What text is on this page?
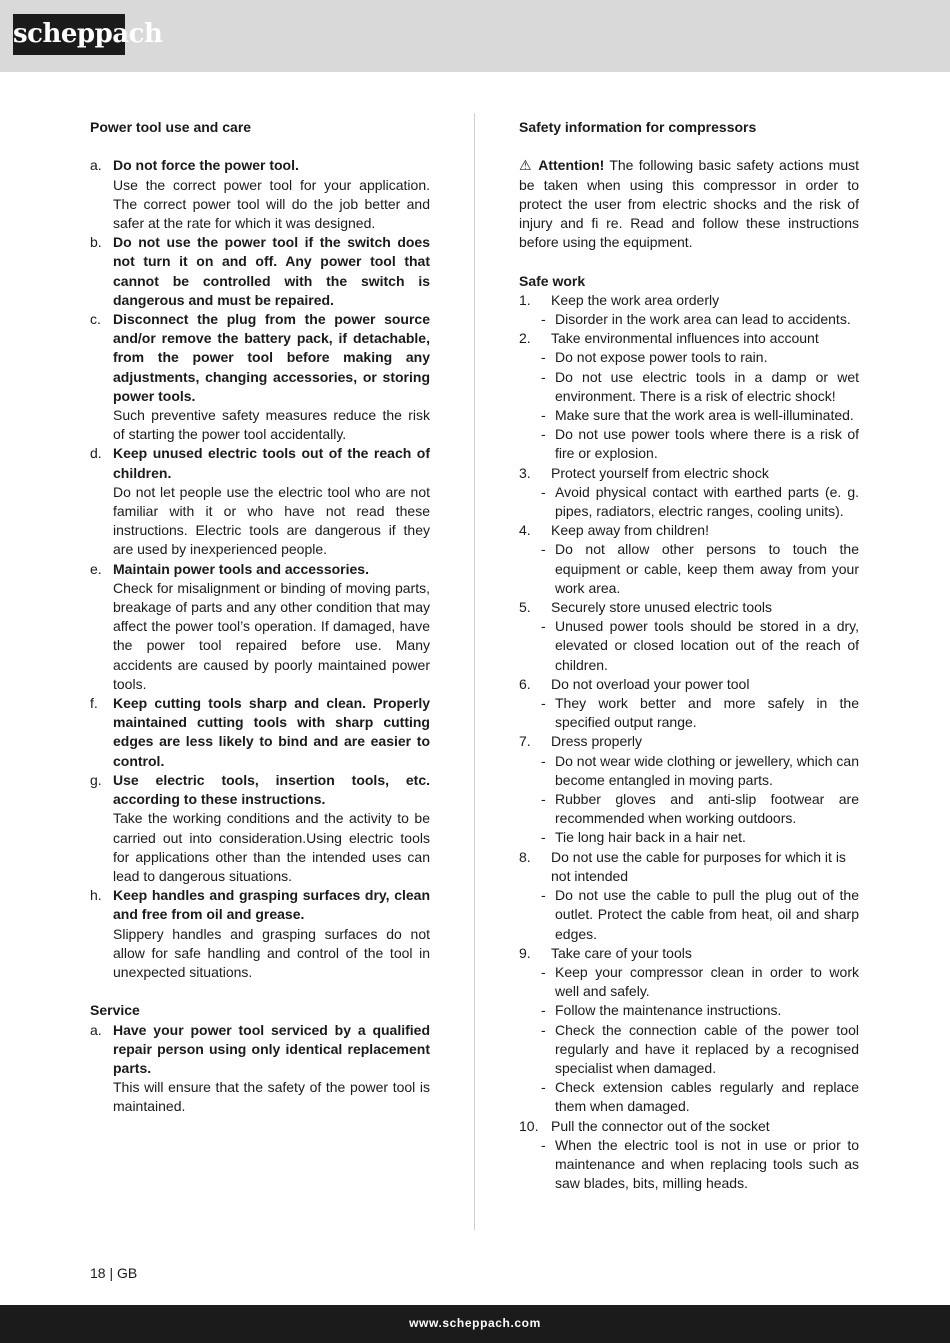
scheppach

Power tool use and care

a. Do not force the power tool.
Use the correct power tool for your application. The correct power tool will do the job better and safer at the rate for which it was designed.
b. Do not use the power tool if the switch does not turn it on and off. Any power tool that cannot be controlled with the switch is dangerous and must be repaired.
c. Disconnect the plug from the power source and/or remove the battery pack, if detachable, from the power tool before making any adjustments, changing accessories, or storing power tools.
Such preventive safety measures reduce the risk of starting the power tool accidentally.
d. Keep unused electric tools out of the reach of children.
Do not let people use the electric tool who are not familiar with it or who have not read these instructions. Electric tools are dangerous if they are used by inexperienced people.
e. Maintain power tools and accessories.
Check for misalignment or binding of moving parts, breakage of parts and any other condition that may affect the power tool’s operation. If damaged, have the power tool repaired before use. Many accidents are caused by poorly maintained power tools.
f. Keep cutting tools sharp and clean. Properly maintained cutting tools with sharp cutting edges are less likely to bind and are easier to control.
g. Use electric tools, insertion tools, etc. according to these instructions.
Take the working conditions and the activity to be carried out into consideration.Using electric tools for applications other than the intended uses can lead to dangerous situations.
h. Keep handles and grasping surfaces dry, clean and free from oil and grease.
Slippery handles and grasping surfaces do not allow for safe handling and control of the tool in unexpected situations.

Service

a. Have your power tool serviced by a qualified repair person using only identical replacement parts.
This will ensure that the safety of the power tool is maintained.

Safety information for compressors

⚠ Attention! The following basic safety actions must be taken when using this compressor in order to protect the user from electric shocks and the risk of injury and fi re. Read and follow these instructions before using the equipment.

Safe work

1. Keep the work area orderly
- Disorder in the work area can lead to accidents.
2. Take environmental influences into account
- Do not expose power tools to rain.
- Do not use electric tools in a damp or wet environment. There is a risk of electric shock!
- Make sure that the work area is well-illuminated.
- Do not use power tools where there is a risk of fire or explosion.
3. Protect yourself from electric shock
- Avoid physical contact with earthed parts (e. g. pipes, radiators, electric ranges, cooling units).
4. Keep away from children!
- Do not allow other persons to touch the equipment or cable, keep them away from your work area.
5. Securely store unused electric tools
- Unused power tools should be stored in a dry, elevated or closed location out of the reach of children.
6. Do not overload your power tool
- They work better and more safely in the specified output range.
7. Dress properly
- Do not wear wide clothing or jewellery, which can become entangled in moving parts.
- Rubber gloves and anti-slip footwear are recommended when working outdoors.
- Tie long hair back in a hair net.
8. Do not use the cable for purposes for which it is not intended
- Do not use the cable to pull the plug out of the outlet. Protect the cable from heat, oil and sharp edges.
9. Take care of your tools
- Keep your compressor clean in order to work well and safely.
- Follow the maintenance instructions.
- Check the connection cable of the power tool regularly and have it replaced by a recognised specialist when damaged.
- Check extension cables regularly and replace them when damaged.
10. Pull the connector out of the socket
- When the electric tool is not in use or prior to maintenance and when replacing tools such as saw blades, bits, milling heads.
18 | GB
www.scheppach.com
